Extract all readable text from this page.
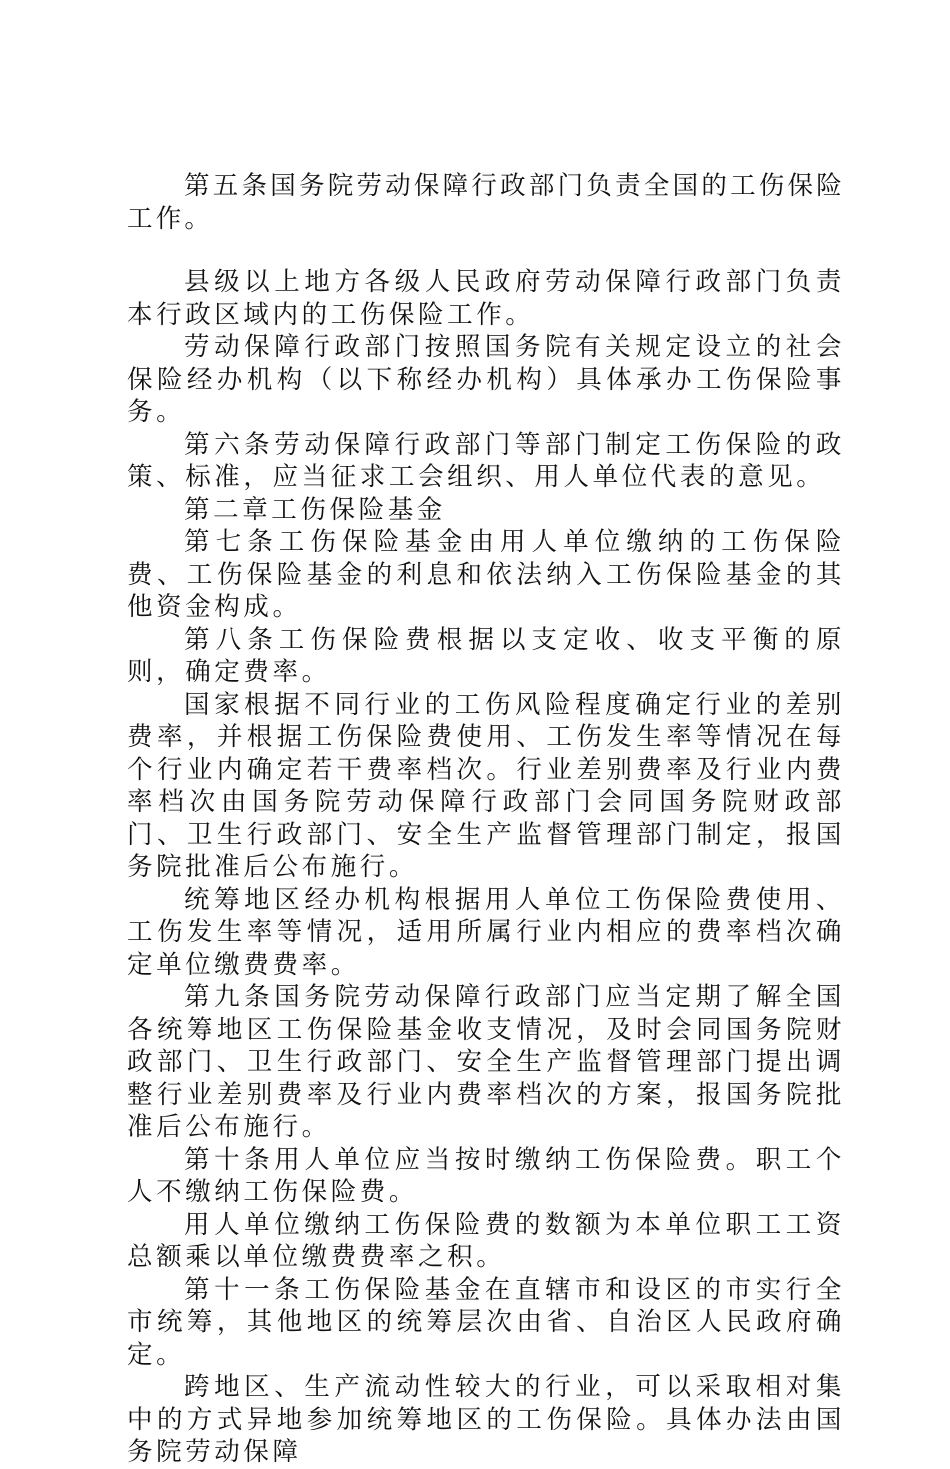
第五条国务院劳动保障行政部门负责全国的工伤保险工作。

县级以上地方各级人民政府劳动保障行政部门负责本行政区域内的工伤保险工作。

劳动保障行政部门按照国务院有关规定设立的社会保险经办机构（以下称经办机构）具体承办工伤保险事务。

第六条劳动保障行政部门等部门制定工伤保险的政策、标准，应当征求工会组织、用人单位代表的意见。

第二章工伤保险基金

第七条工伤保险基金由用人单位缴纳的工伤保险费、工伤保险基金的利息和依法纳入工伤保险基金的其他资金构成。

第八条工伤保险费根据以支定收、收支平衡的原则，确定费率。

国家根据不同行业的工伤风险程度确定行业的差别费率，并根据工伤保险费使用、工伤发生率等情况在每个行业内确定若干费率档次。行业差别费率及行业内费率档次由国务院劳动保障行政部门会同国务院财政部门、卫生行政部门、安全生产监督管理部门制定，报国务院批准后公布施行。

统筹地区经办机构根据用人单位工伤保险费使用、工伤发生率等情况，适用所属行业内相应的费率档次确定单位缴费费率。

第九条国务院劳动保障行政部门应当定期了解全国各统筹地区工伤保险基金收支情况，及时会同国务院财政部门、卫生行政部门、安全生产监督管理部门提出调整行业差别费率及行业内费率档次的方案，报国务院批准后公布施行。

第十条用人单位应当按时缴纳工伤保险费。职工个人不缴纳工伤保险费。

用人单位缴纳工伤保险费的数额为本单位职工工资总额乘以单位缴费费率之积。

第十一条工伤保险基金在直辖市和设区的市实行全市统筹，其他地区的统筹层次由省、自治区人民政府确定。

跨地区、生产流动性较大的行业，可以采取相对集中的方式异地参加统筹地区的工伤保险。具体办法由国务院劳动保障
